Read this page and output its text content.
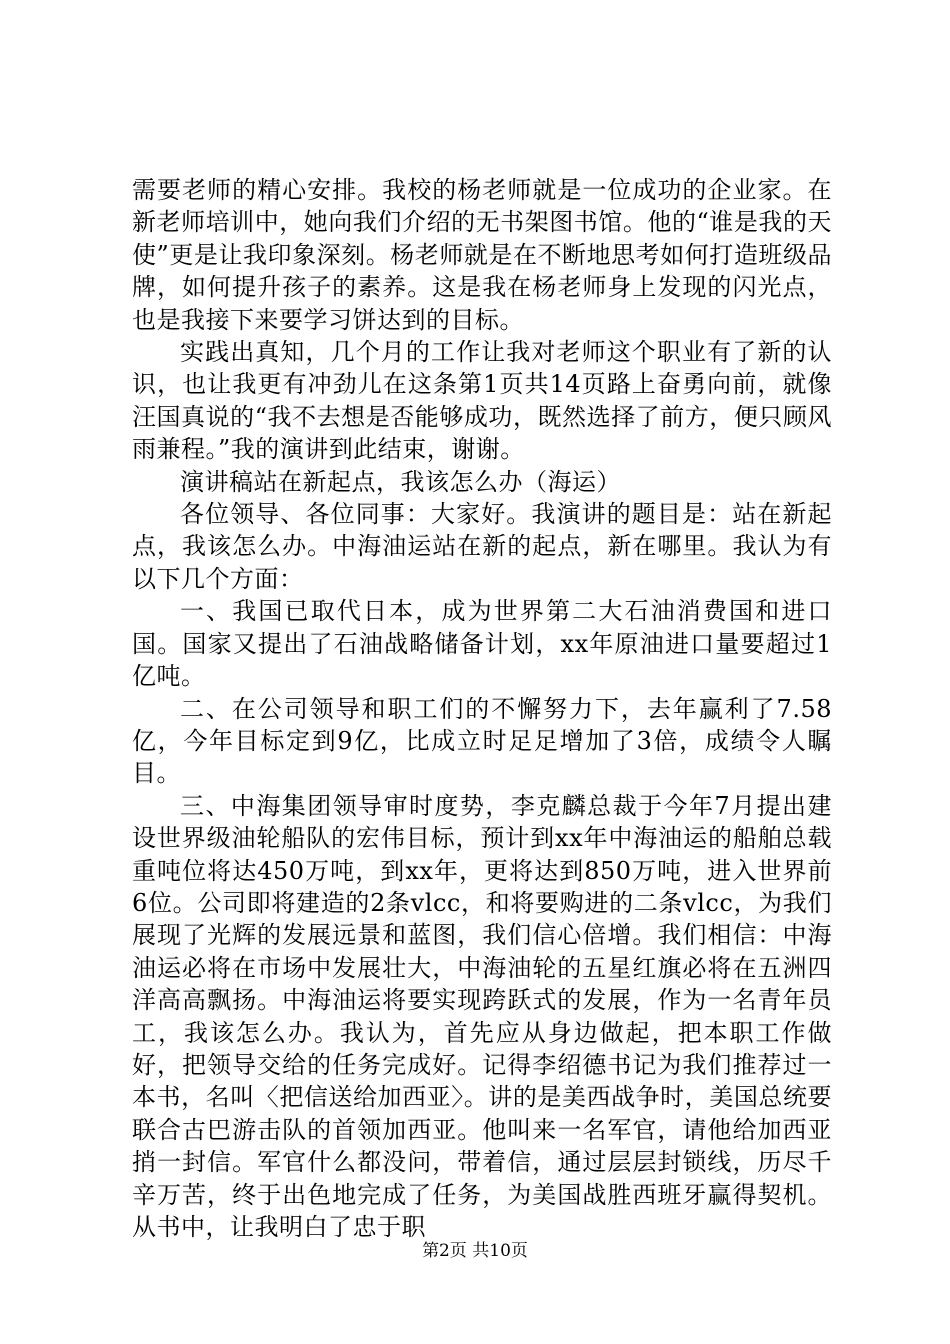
需要老师的精心安排。我校的杨老师就是一位成功的企业家。在新老师培训中，她向我们介绍的无书架图书馆。他的“谁是我的天使”更是让我印象深刻。杨老师就是在不断地思考如何打造班级品牌，如何提升孩子的素养。这是我在杨老师身上发现的闪光点，也是我接下来要学习饼达到的目标。

实践出真知，几个月的工作让我对老师这个职业有了新的认识，也让我更有冲劲儿在这条第1页共14页路上奋勇向前，就像汪国真说的“我不去想是否能够成功，既然选择了前方，便只顾风雨兼程。”我的演讲到此结束，谢谢。

演讲稿站在新起点，我该怎么办（海运）

各位领导、各位同事：大家好。我演讲的题目是：站在新起点，我该怎么办。中海油运站在新的起点，新在哪里。我认为有以下几个方面：

一、我国已取代日本，成为世界第二大石油消费国和进口国。国家又提出了石油战略储备计划，xx年原油进口量要超过1亿吨。

二、在公司领导和职工们的不懈努力下，去年赢利了7.58亿，今年目标定到9亿，比成立时足足增加了3倍，成绩令人瞩目。

三、中海集团领导审时度势，李克麟总裁于今年7月提出建设世界级油轮船队的宏伟目标，预计到xx年中海油运的船舶总载重吨位将达450万吨，到xx年，更将达到850万吨，进入世界前6位。公司即将建造的2条vlcc，和将要购进的二条vlcc，为我们展现了光辉的发展远景和蓝图，我们信心倍增。我们相信：中海油运必将在市场中发展壮大，中海油轮的五星红旗必将在五洲四洋高高飘扬。中海油运将要实现跨跃式的发展，作为一名青年员工，我该怎么办。我认为，首先应从身边做起，把本职工作做好，把领导交给的任务完成好。记得李绍德书记为我们推荐过一本书，名叫〈把信送给加西亚〉。讲的是美西战争时，美国总统要联合古巴游击队的首领加西亚。他叫来一名军官，请他给加西亚捎一封信。军官什么都没问，带着信，通过层层封锁线，历尽千辛万苦，终于出色地完成了任务，为美国战胜西班牙赢得契机。从书中，让我明白了忠于职

第2页 共10页
